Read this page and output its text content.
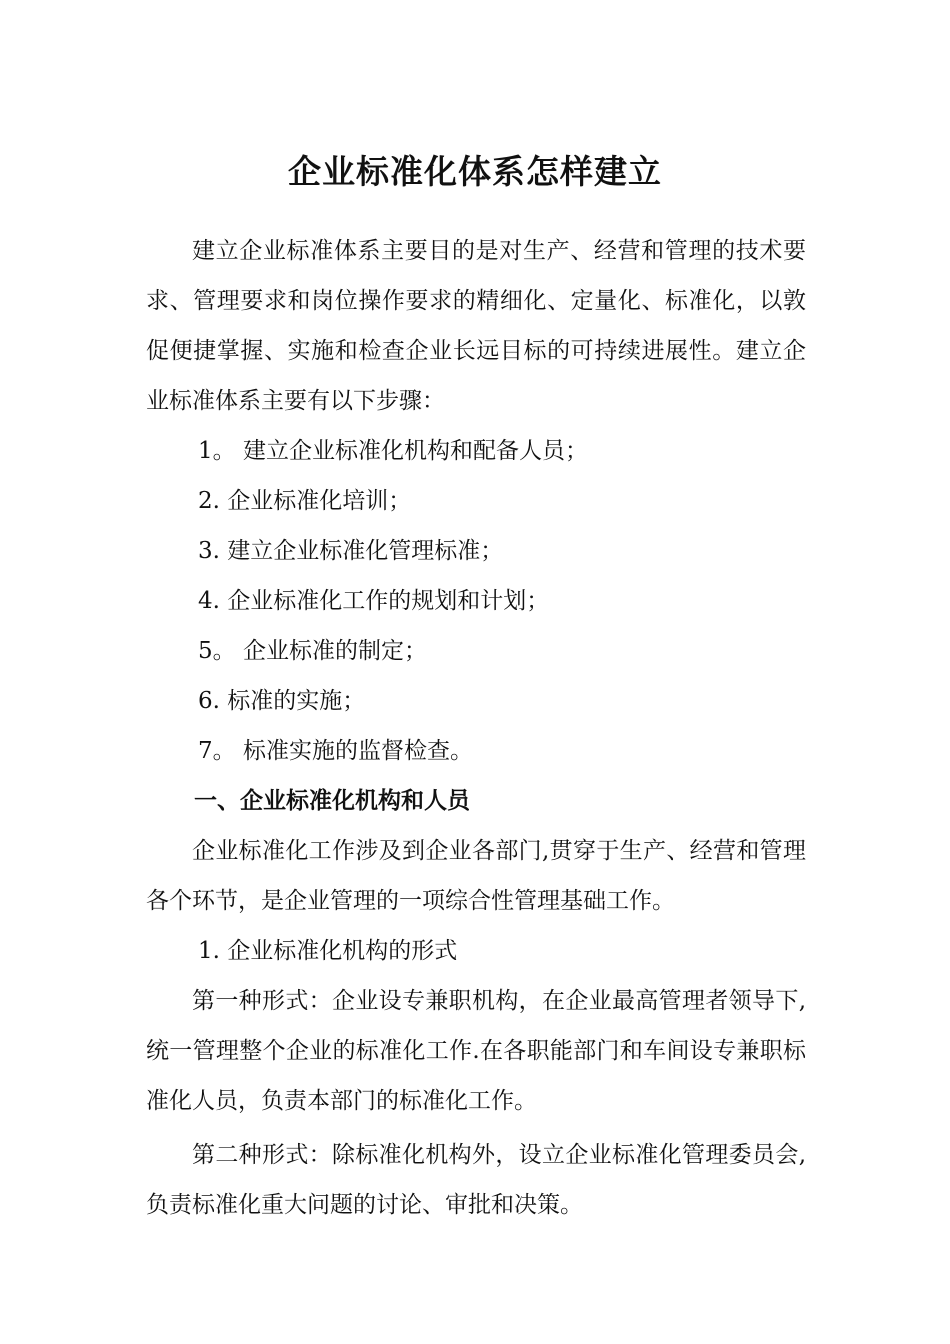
企业标准化体系怎样建立

建立企业标准体系主要目的是对生产、经营和管理的技术要求、管理要求和岗位操作要求的精细化、定量化、标准化，以敦促便捷掌握、实施和检查企业长远目标的可持续进展性。建立企业标准体系主要有以下步骤：

1。 建立企业标准化机构和配备人员；

2. 企业标准化培训；

3. 建立企业标准化管理标准；

4. 企业标准化工作的规划和计划；

5。 企业标准的制定；

6. 标准的实施；

7。 标准实施的监督检查。

一、企业标准化机构和人员

企业标准化工作涉及到企业各部门,贯穿于生产、经营和管理各个环节，是企业管理的一项综合性管理基础工作。

1. 企业标准化机构的形式

第一种形式：企业设专兼职机构，在企业最高管理者领导下,统一管理整个企业的标准化工作.在各职能部门和车间设专兼职标准化人员，负责本部门的标准化工作。

第二种形式：除标准化机构外，设立企业标准化管理委员会,负责标准化重大问题的讨论、审批和决策。
